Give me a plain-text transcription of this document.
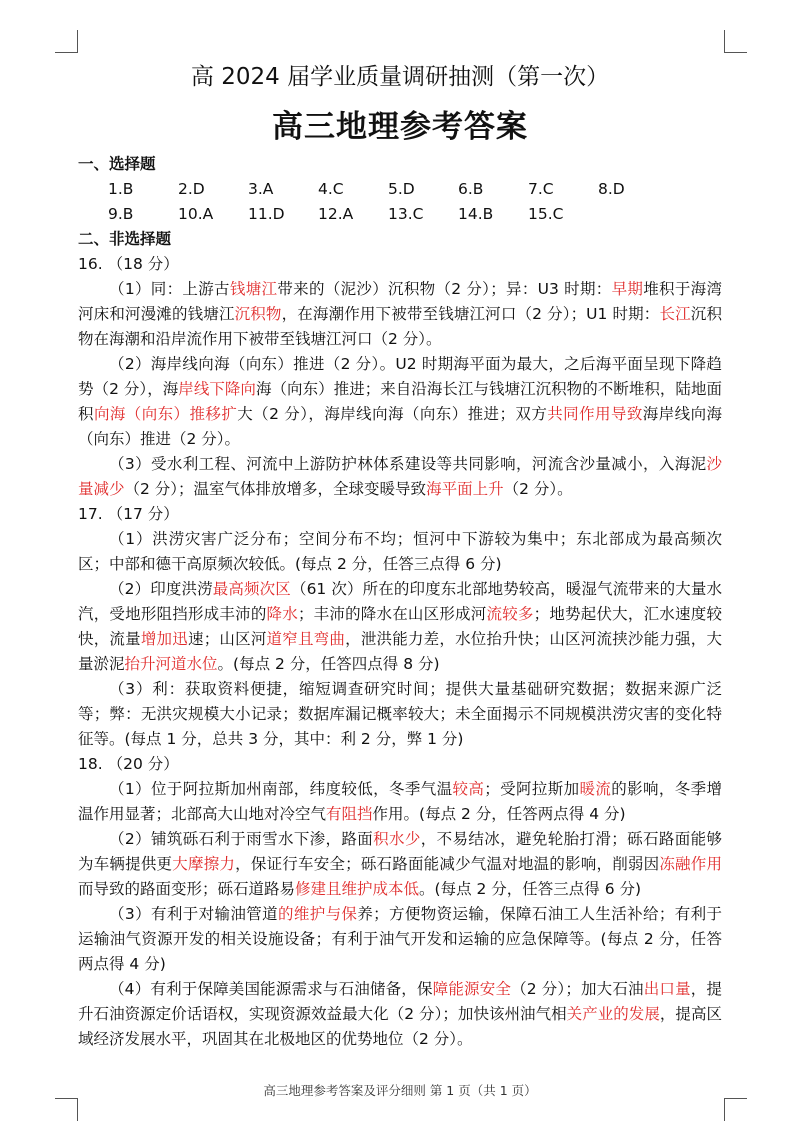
高 2024 届学业质量调研抽测（第一次）
高三地理参考答案
一、选择题
1.B	2.D	3.A	4.C	5.D	6.B	7.C	8.D
9.B	10.A	11.D	12.A	13.C	14.B	15.C
二、非选择题
16. （18 分）
（1）同：上游古钱塘江带来的（泥沙）沉积物（2 分）；异：U3 时期：早期堆积于海湾河床和河漫滩的钱塘江沉积物，在海潮作用下被带至钱塘江河口（2 分）；U1 时期：长江沉积物在海潮和沿岸流作用下被带至钱塘江河口（2 分）。
（2）海岸线向海（向东）推进（2 分）。U2 时期海平面为最大，之后海平面呈现下降趋势（2 分），海岸线下降向海（向东）推进；来自沿海长江与钱塘江沉积物的不断堆积，陆地面积向海（向东）推移扩大（2 分），海岸线向海（向东）推进；双方共同作用导致海岸线向海（向东）推进（2 分）。
（3）受水利工程、河流中上游防护林体系建设等共同影响，河流含沙量减小，入海泥沙量减少（2 分）；温室气体排放增多，全球变暖导致海平面上升（2 分）。
17. （17 分）
（1）洪涝灾害广泛分布；空间分布不均；恒河中下游较为集中；东北部成为最高频次区；中部和德干高原频次较低。(每点 2 分，任答三点得 6 分)
（2）印度洪涝最高频次区（61 次）所在的印度东北部地势较高，暖湿气流带来的大量水汽，受地形阻挡形成丰沛的降水；丰沛的降水在山区形成河流较多；地势起伏大，汇水速度较快，流量增加迅速；山区河道窄且弯曲，泄洪能力差，水位抬升快；山区河流挟沙能力强，大量淤泥抬升河道水位。(每点 2 分，任答四点得 8 分)
（3）利：获取资料便捷，缩短调查研究时间；提供大量基础研究数据；数据来源广泛等；弊：无洪灾规模大小记录；数据库漏记概率较大；未全面揭示不同规模洪涝灾害的变化特征等。(每点 1 分，总共 3 分，其中：利 2 分，弊 1 分)
18. （20 分）
（1）位于阿拉斯加州南部，纬度较低，冬季气温较高；受阿拉斯加暖流的影响，冬季增温作用显著；北部高大山地对冷空气有阻挡作用。(每点 2 分，任答两点得 4 分)
（2）铺筑砾石利于雨雪水下渗，路面积水少，不易结冰，避免轮胎打滑；砾石路面能够为车辆提供更大摩擦力，保证行车安全；砾石路面能减少气温对地温的影响，削弱因冻融作用而导致的路面变形；砾石道路易修建且维护成本低。(每点 2 分，任答三点得 6 分)
（3）有利于对输油管道的维护与保养；方便物资运输，保障石油工人生活补给；有利于运输油气资源开发的相关设施设备；有利于油气开发和运输的应急保障等。(每点 2 分，任答两点得 4 分)
（4）有利于保障美国能源需求与石油储备，保障能源安全（2 分）；加大石油出口量，提升石油资源定价话语权，实现资源效益最大化（2 分）；加快该州油气相关产业的发展，提高区域经济发展水平，巩固其在北极地区的优势地位（2 分）。
高三地理参考答案及评分细则 第 1 页（共 1 页）
